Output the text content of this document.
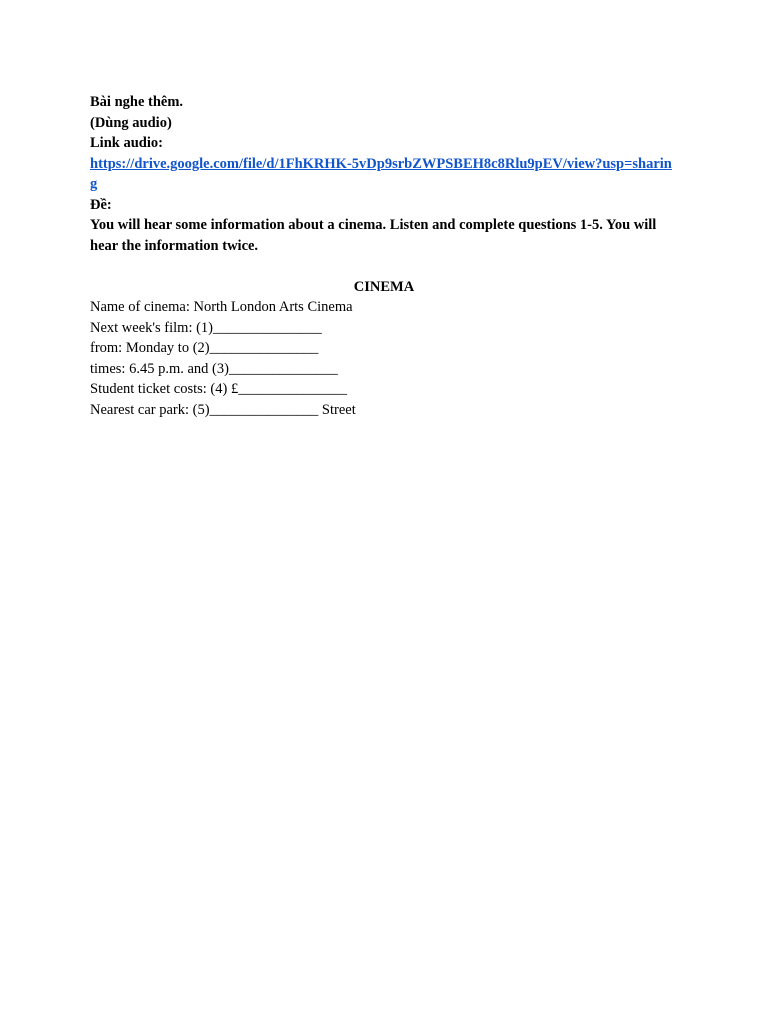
Bài nghe thêm.
(Dùng audio)
Link audio:
https://drive.google.com/file/d/1FhKRHK-5vDp9srbZWPSBEH8c8Rlu9pEV/view?usp=sharing
Đề:
You will hear some information about a cinema. Listen and complete questions 1-5. You will hear the information twice.
CINEMA
Name of cinema: North London Arts Cinema
Next week's film: (1)_______________
from: Monday to (2)_______________
times: 6.45 p.m. and (3)_______________
Student ticket costs: (4) £_______________
Nearest car park: (5)_______________ Street
